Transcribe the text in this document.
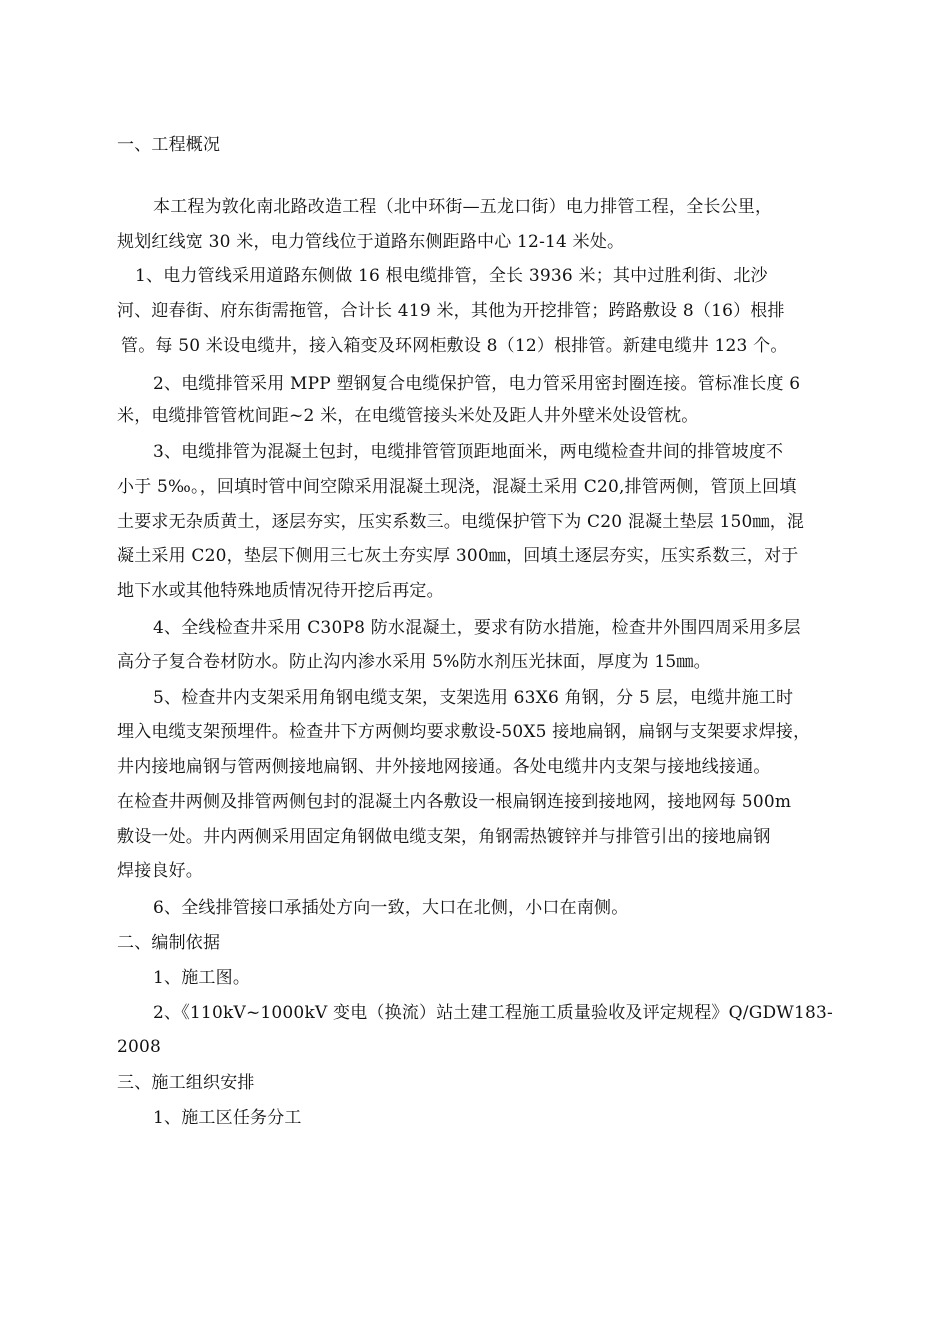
一、工程概况
本工程为敦化南北路改造工程（北中环街—五龙口街）电力排管工程，全长公里，
规划红线宽 30 米，电力管线位于道路东侧距路中心 12-14 米处。
1、电力管线采用道路东侧做 16 根电缆排管，全长 3936 米；其中过胜利街、北沙
河、迎春街、府东街需拖管，合计长 419 米，其他为开挖排管；跨路敷设 8（16）根排
管。每 50 米设电缆井，接入箱变及环网柜敷设 8（12）根排管。新建电缆井 123 个。
2、电缆排管采用 MPP 塑钢复合电缆保护管，电力管采用密封圈连接。管标准长度 6
米，电缆排管管枕间距~2 米，在电缆管接头米处及距人井外壁米处设管枕。
3、电缆排管为混凝土包封，电缆排管管顶距地面米，两电缆检查井间的排管坡度不
小于 5‰。，回填时管中间空隙采用混凝土现浇，混凝土采用 C20,排管两侧，管顶上回填
土要求无杂质黄土，逐层夯实，压实系数三。电缆保护管下为 C20 混凝土垫层 150㎜，混
凝土采用 C20，垫层下侧用三七灰土夯实厚 300㎜，回填土逐层夯实，压实系数三，对于
地下水或其他特殊地质情况待开挖后再定。
4、全线检查井采用 C30P8 防水混凝土，要求有防水措施，检查井外围四周采用多层
高分子复合卷材防水。防止沟内渗水采用 5%防水剂压光抹面，厚度为 15㎜。
5、检查井内支架采用角钢电缆支架，支架选用 63X6 角钢，分 5 层，电缆井施工时
埋入电缆支架预埋件。检查井下方两侧均要求敷设-50X5 接地扁钢，扁钢与支架要求焊接，
井内接地扁钢与管两侧接地扁钢、井外接地网接通。各处电缆井内支架与接地线接通。
在检查井两侧及排管两侧包封的混凝土内各敷设一根扁钢连接到接地网，接地网每 500m
敷设一处。井内两侧采用固定角钢做电缆支架，角钢需热镀锌并与排管引出的接地扁钢
焊接良好。
6、全线排管接口承插处方向一致，大口在北侧，小口在南侧。
二、编制依据
1、施工图。
2、《110kV~1000kV 变电（换流）站土建工程施工质量验收及评定规程》Q/GDW183-
2008
三、施工组织安排
1、施工区任务分工
